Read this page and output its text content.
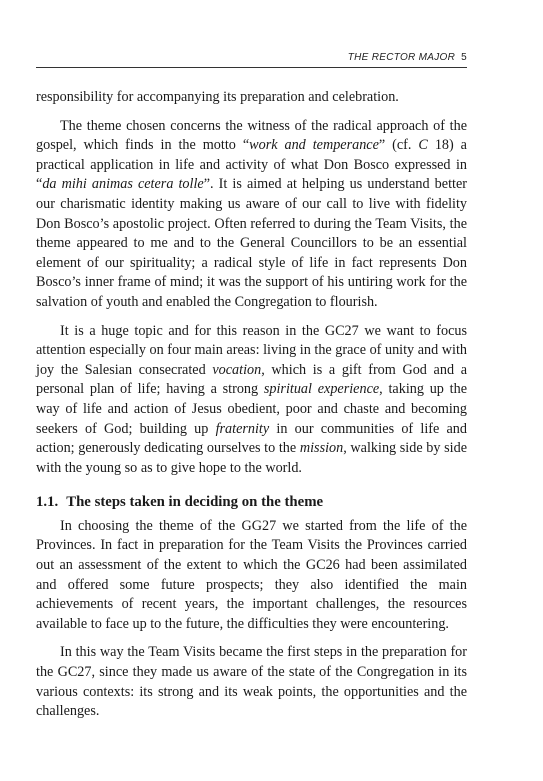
THE RECTOR MAJOR 5

responsibility for accompanying its preparation and celebration.

The theme chosen concerns the witness of the radical approach of the gospel, which finds in the motto “work and temperance” (cf. C 18) a practical application in life and activity of what Don Bosco expressed in “da mihi animas cetera tolle”. It is aimed at helping us understand better our charismatic identity making us aware of our call to live with fidelity Don Bosco’s apostolic project. Often referred to during the Team Visits, the theme appeared to me and to the General Councillors to be an essential element of our spirituality; a radical style of life in fact represents Don Bosco’s inner frame of mind; it was the support of his untiring work for the salvation of youth and enabled the Congregation to flourish.

It is a huge topic and for this reason in the GC27 we want to focus attention especially on four main areas: living in the grace of unity and with joy the Salesian consecrated vocation, which is a gift from God and a personal plan of life; having a strong spiritual experience, taking up the way of life and action of Jesus obedient, poor and chaste and becoming seekers of God; building up fraternity in our communities of life and action; generously dedicating ourselves to the mission, walking side by side with the young so as to give hope to the world.

1.1. The steps taken in deciding on the theme

In choosing the theme of the GG27 we started from the life of the Provinces. In fact in preparation for the Team Visits the Provinces carried out an assessment of the extent to which the GC26 had been assimilated and offered some future prospects; they also identified the main achievements of recent years, the important challenges, the resources available to face up to the future, the difficulties they were encountering.

In this way the Team Visits became the first steps in the preparation for the GC27, since they made us aware of the state of the Congregation in its various contexts: its strong and its weak points, the opportunities and the challenges.
